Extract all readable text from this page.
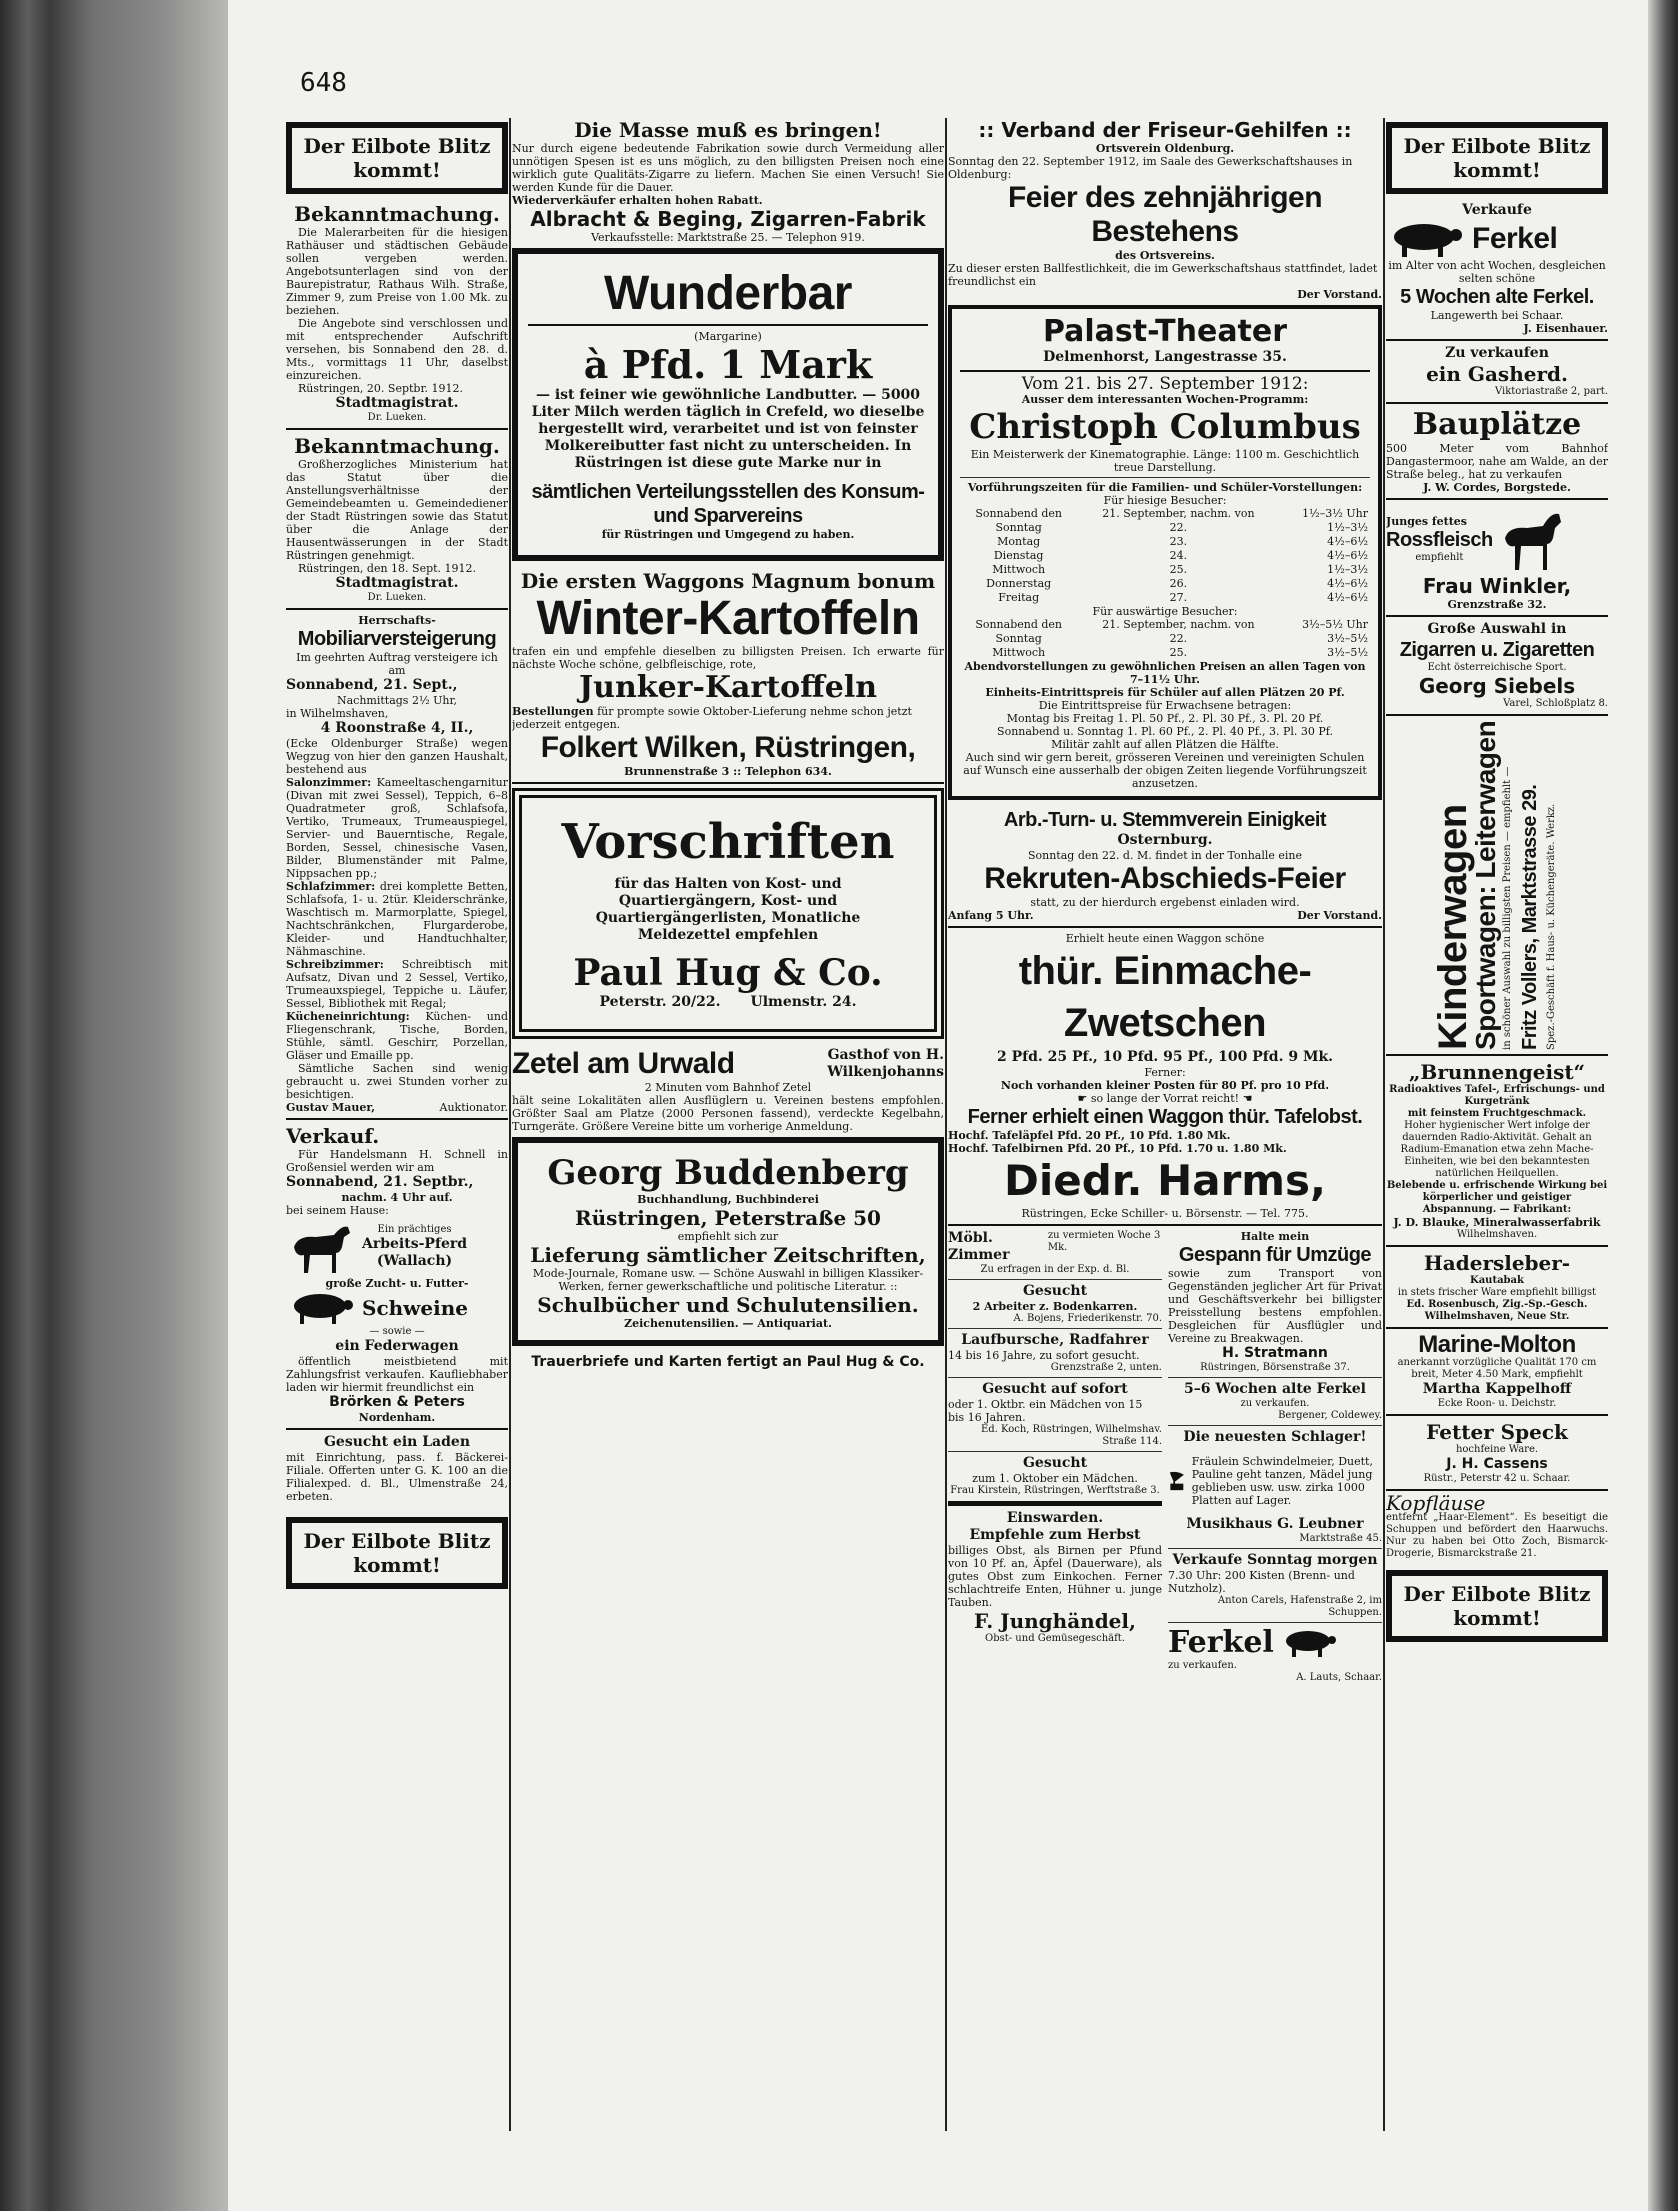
648
Der Eilbote Blitz
kommt!
Bekanntmachung.
Die Malerarbeiten für die hiesigen Rathäuser und städtischen Gebäude sollen vergeben werden. Angebotsunterlagen sind von der Baurepistratur, Rathaus Wilh. Straße, Zimmer 9, zum Preise von 1.00 Mk. zu beziehen.
Die Angebote sind verschlossen und mit entsprechender Aufschrift versehen, bis Sonnabend den 28. d. Mts., vormittags 11 Uhr, daselbst einzureichen.
Rüstringen, 20. Septbr. 1912.
Stadtmagistrat.
Dr. Lueken.
Bekanntmachung.
Großherzogliches Ministerium hat das Statut über die Anstellungsverhältnisse der Gemeindebeamten u. Gemeindediener der Stadt Rüstringen sowie das Statut über die Anlage der Hausentwässerungen in der Stadt Rüstringen genehmigt.
Rüstringen, den 18. Sept. 1912.
Stadtmagistrat.
Dr. Lueken.
Herrschafts-
Mobiliarversteigerung
Im geehrten Auftrag versteigere ich am
Sonnabend, 21. Sept.,
Nachmittags 2½ Uhr,
in Wilhelmshaven,
4 Roonstraße 4, II.,
(Ecke Oldenburger Straße) wegen Wegzug von hier den ganzen Haushalt, bestehend aus
Salonzimmer: Kameeltaschengarnitur (Divan mit zwei Sessel), Teppich, 6–8 Quadratmeter groß, Schlafsofa, Vertiko, Trumeaux, Trumeauspiegel, Servier- und Bauerntische, Regale, Borden, Sessel, chinesische Vasen, Bilder, Blumenständer mit Palme, Nippsachen pp.;
Schlafzimmer: drei komplette Betten, Schlafsofa, 1- u. 2tür. Kleiderschränke, Waschtisch m. Marmorplatte, Spiegel, Nachtschränkchen, Flurgarderobe, Kleider- und Handtuchhalter, Nähmaschine.
Schreibzimmer: Schreibtisch mit Aufsatz, Divan und 2 Sessel, Vertiko, Trumeauxspiegel, Teppiche u. Läufer, Sessel, Bibliothek mit Regal;
Kücheneinrichtung: Küchen- und Fliegenschrank, Tische, Borden, Stühle, sämtl. Geschirr, Porzellan, Gläser und Emaille pp.
Sämtliche Sachen sind wenig gebraucht u. zwei Stunden vorher zu besichtigen.
Gustav Mauer,	Auktionator.
Verkauf.
Für Handelsmann H. Schnell in Großensiel werden wir am
Sonnabend, 21. Septbr.,
nachm. 4 Uhr auf.
bei seinem Hause:
Ein prächtiges
Arbeits-Pferd
(Wallach)
große Zucht- u. Futter-
Schweine
— sowie —
ein Federwagen
öffentlich meistbietend mit Zahlungsfrist verkaufen. Kaufliebhaber laden wir hiermit freundlichst ein
Brörken & Peters
Nordenham.
Gesucht ein Laden
mit Einrichtung, pass. f. Bäckerei-Filiale. Offerten unter G. K. 100 an die Filialexped. d. Bl., Ulmenstraße 24, erbeten.
Der Eilbote Blitz
kommt!
Die Masse muß es bringen!
Nur durch eigene bedeutende Fabrikation sowie durch Vermeidung aller unnötigen Spesen ist es uns möglich, zu den billigsten Preisen noch eine wirklich gute Qualitäts-Zigarre zu liefern. Machen Sie einen Versuch! Sie werden Kunde für die Dauer.
Wiederverkäufer erhalten hohen Rabatt.
Albracht & Beging, Zigarren-Fabrik
Verkaufsstelle: Marktstraße 25. — Telephon 919.
Wunderbar
(Margarine)
à Pfd. 1 Mark
— ist feiner wie gewöhnliche Landbutter. — 5000 Liter Milch werden täglich in Crefeld, wo dieselbe hergestellt wird, verarbeitet und ist von feinster Molkereibutter fast nicht zu unterscheiden. In Rüstringen ist diese gute Marke nur in
sämtlichen Verteilungsstellen des Konsum- und Sparvereins
für Rüstringen und Umgegend zu haben.
Die ersten Waggons Magnum bonum
Winter-Kartoffeln
trafen ein und empfehle dieselben zu billigsten Preisen. Ich erwarte für nächste Woche schöne, gelbfleischige, rote,
Junker-Kartoffeln
Bestellungen für prompte sowie Oktober-Lieferung nehme schon jetzt jederzeit entgegen.
Folkert Wilken, Rüstringen,
Brunnenstraße 3 :: Telephon 634.
Vorschriften
für das Halten von Kost- und Quartiergängern, Kost- und Quartiergängerlisten, Monatliche Meldezettel empfehlen
Paul Hug & Co.
Peterstr. 20/22. Ulmenstr. 24.
Zetel am Urwald	Gasthof von H. Wilkenjohanns
2 Minuten vom Bahnhof Zetel
hält seine Lokalitäten allen Ausflüglern u. Vereinen bestens empfohlen. Größter Saal am Platze (2000 Personen fassend), verdeckte Kegelbahn, Turngeräte. Größere Vereine bitte um vorherige Anmeldung.
Georg Buddenberg
Buchhandlung, Buchbinderei
Rüstringen, Peterstraße 50
empfiehlt sich zur
Lieferung sämtlicher Zeitschriften,
Mode-Journale, Romane usw. — Schöne Auswahl in billigen Klassiker-Werken, ferner gewerkschaftliche und politische Literatur. ::
Schulbücher und Schulutensilien.
Zeichenutensilien. — Antiquariat.
Trauerbriefe und Karten fertigt an Paul Hug & Co.
:: Verband der Friseur-Gehilfen ::
Ortsverein Oldenburg.
Sonntag den 22. September 1912, im Saale des Gewerkschaftshauses in Oldenburg:
Feier des zehnjährigen Bestehens
des Ortsvereins.
Zu dieser ersten Ballfestlichkeit, die im Gewerkschaftshaus stattfindet, ladet freundlichst ein
Der Vorstand.
Palast-Theater
Delmenhorst, Langestrasse 35.
Vom 21. bis 27. September 1912:
Ausser dem interessanten Wochen-Programm:
Christoph Columbus
Ein Meisterwerk der Kinematographie. Länge: 1100 m. Geschichtlich treue Darstellung.
Vorführungszeiten für die Familien- und Schüler-Vorstellungen:
Für hiesige Besucher:
Sonnabend den	21. September, nachm. von	1½–3½ Uhr
Sonntag	22.	1½–3½
Montag	23.	4½–6½
Dienstag	24.	4½–6½
Mittwoch	25.	1½–3½
Donnerstag	26.	4½–6½
Freitag	27.	4½–6½
Für auswärtige Besucher:
Sonnabend den	21. September, nachm. von	3½–5½ Uhr
Sonntag	22.	3½–5½
Mittwoch	25.	3½–5½
Abendvorstellungen zu gewöhnlichen Preisen an allen Tagen von 7–11½ Uhr.
Einheits-Eintrittspreis für Schüler auf allen Plätzen 20 Pf.
Die Eintrittspreise für Erwachsene betragen:
Montag bis Freitag 1. Pl. 50 Pf., 2. Pl. 30 Pf., 3. Pl. 20 Pf.
Sonnabend u. Sonntag 1. Pl. 60 Pf., 2. Pl. 40 Pf., 3. Pl. 30 Pf.
Militär zahlt auf allen Plätzen die Hälfte.
Auch sind wir gern bereit, grösseren Vereinen und vereinigten Schulen auf Wunsch eine ausserhalb der obigen Zeiten liegende Vorführungszeit anzusetzen.
Arb.-Turn- u. Stemmverein Einigkeit
Osternburg.
Sonntag den 22. d. M. findet in der Tonhalle eine
Rekruten-Abschieds-Feier
statt, zu der hierdurch ergebenst einladen wird.
Anfang 5 Uhr.	Der Vorstand.
Erhielt heute einen Waggon schöne
thür. Einmache-Zwetschen
2 Pfd. 25 Pf., 10 Pfd. 95 Pf., 100 Pfd. 9 Mk.
Ferner:
Noch vorhanden kleiner Posten für 80 Pf. pro 10 Pfd.
☛ so lange der Vorrat reicht! ☚
Ferner erhielt einen Waggon thür. Tafelobst.
Hochf. Tafeläpfel Pfd. 20 Pf., 10 Pfd. 1.80 Mk.
Hochf. Tafelbirnen Pfd. 20 Pf., 10 Pfd. 1.70 u. 1.80 Mk.
Diedr. Harms,
Rüstringen, Ecke Schiller- u. Börsenstr. — Tel. 775.
Möbl. Zimmer
zu vermieten Woche 3 Mk.
Zu erfragen in der Exp. d. Bl.
Gesucht
2 Arbeiter z. Bodenkarren.
A. Bojens, Friederikenstr. 70.
Laufbursche, Radfahrer
14 bis 16 Jahre, zu sofort gesucht.
Grenzstraße 2, unten.
Gesucht auf sofort
oder 1. Oktbr. ein Mädchen von 15 bis 16 Jahren.
Ed. Koch, Rüstringen, Wilhelmshav. Straße 114.
Gesucht
zum 1. Oktober ein Mädchen.
Frau Kirstein, Rüstringen, Werftstraße 3.
Einswarden.
Empfehle zum Herbst
billiges Obst, als Birnen per Pfund von 10 Pf. an, Äpfel (Dauerware), als gutes Obst zum Einkochen. Ferner schlachtreife Enten, Hühner u. junge Tauben.
F. Junghändel,
Obst- und Gemüsegeschäft.
Halte mein
Gespann für Umzüge
sowie zum Transport von Gegenständen jeglicher Art für Privat und Geschäftsverkehr bei billigster Preisstellung bestens empfohlen. Desgleichen für Ausflügler und Vereine zu Breakwagen.
H. Stratmann
Rüstringen, Börsenstraße 37.
5–6 Wochen alte Ferkel
zu verkaufen.
Bergener, Coldewey.
Die neuesten Schlager!
Fräulein Schwindelmeier, Duett, Pauline geht tanzen, Mädel jung geblieben usw. usw. zirka 1000 Platten auf Lager.
Musikhaus G. Leubner
Marktstraße 45.
Verkaufe Sonntag morgen
7.30 Uhr: 200 Kisten (Brenn- und Nutzholz).
Anton Carels, Hafenstraße 2, im Schuppen.
Ferkel
zu verkaufen.
A. Lauts, Schaar.
Der Eilbote Blitz
kommt!
Verkaufe
Ferkel
im Alter von acht Wochen, desgleichen selten schöne
5 Wochen alte Ferkel.
Langewerth bei Schaar.
J. Eisenhauer.
Zu verkaufen
ein Gasherd.
Viktoriastraße 2, part.
Bauplätze
500 Meter vom Bahnhof Dangastermoor, nahe am Walde, an der Straße beleg., hat zu verkaufen
J. W. Cordes, Borgstede.
Junges fettes
Rossfleisch
empfiehlt
Frau Winkler,
Grenzstraße 32.
Große Auswahl in
Zigarren u. Zigaretten
Echt österreichische Sport.
Georg Siebels
Varel, Schloßplatz 8.
Kinderwagen
Sportwagen: Leiterwagen in schöner Auswahl zu billigsten Preisen — empfiehlt — Fritz Vollers, Marktstrasse 29. Spez.-Geschäft f. Haus- u. Küchengeräte. Werkz.
„Brunnengeist“
Radioaktives Tafel-, Erfrischungs- und Kurgetränk
mit feinstem Fruchtgeschmack.
Hoher hygienischer Wert infolge der dauernden Radio-Aktivität. Gehalt an Radium-Emanation etwa zehn Mache-Einheiten, wie bei den bekanntesten natürlichen Heilquellen.
Belebende u. erfrischende Wirkung bei körperlicher und geistiger Abspannung. — Fabrikant:
J. D. Blauke, Mineralwasserfabrik
Wilhelmshaven.
Hadersleber-
Kautabak
in stets frischer Ware empfiehlt billigst
Ed. Rosenbusch, Zig.-Sp.-Gesch. Wilhelmshaven, Neue Str.
Marine-Molton
anerkannt vorzügliche Qualität 170 cm breit, Meter 4.50 Mark, empfiehlt
Martha Kappelhoff
Ecke Roon- u. Deichstr.
Fetter Speck
hochfeine Ware.
J. H. Cassens
Rüstr., Peterstr 42 u. Schaar.
Kopfläuse
entfernt „Haar-Element“. Es beseitigt die Schuppen und befördert den Haarwuchs. Nur zu haben bei Otto Zoch, Bismarck-Drogerie, Bismarckstraße 21.
Der Eilbote Blitz
kommt!
